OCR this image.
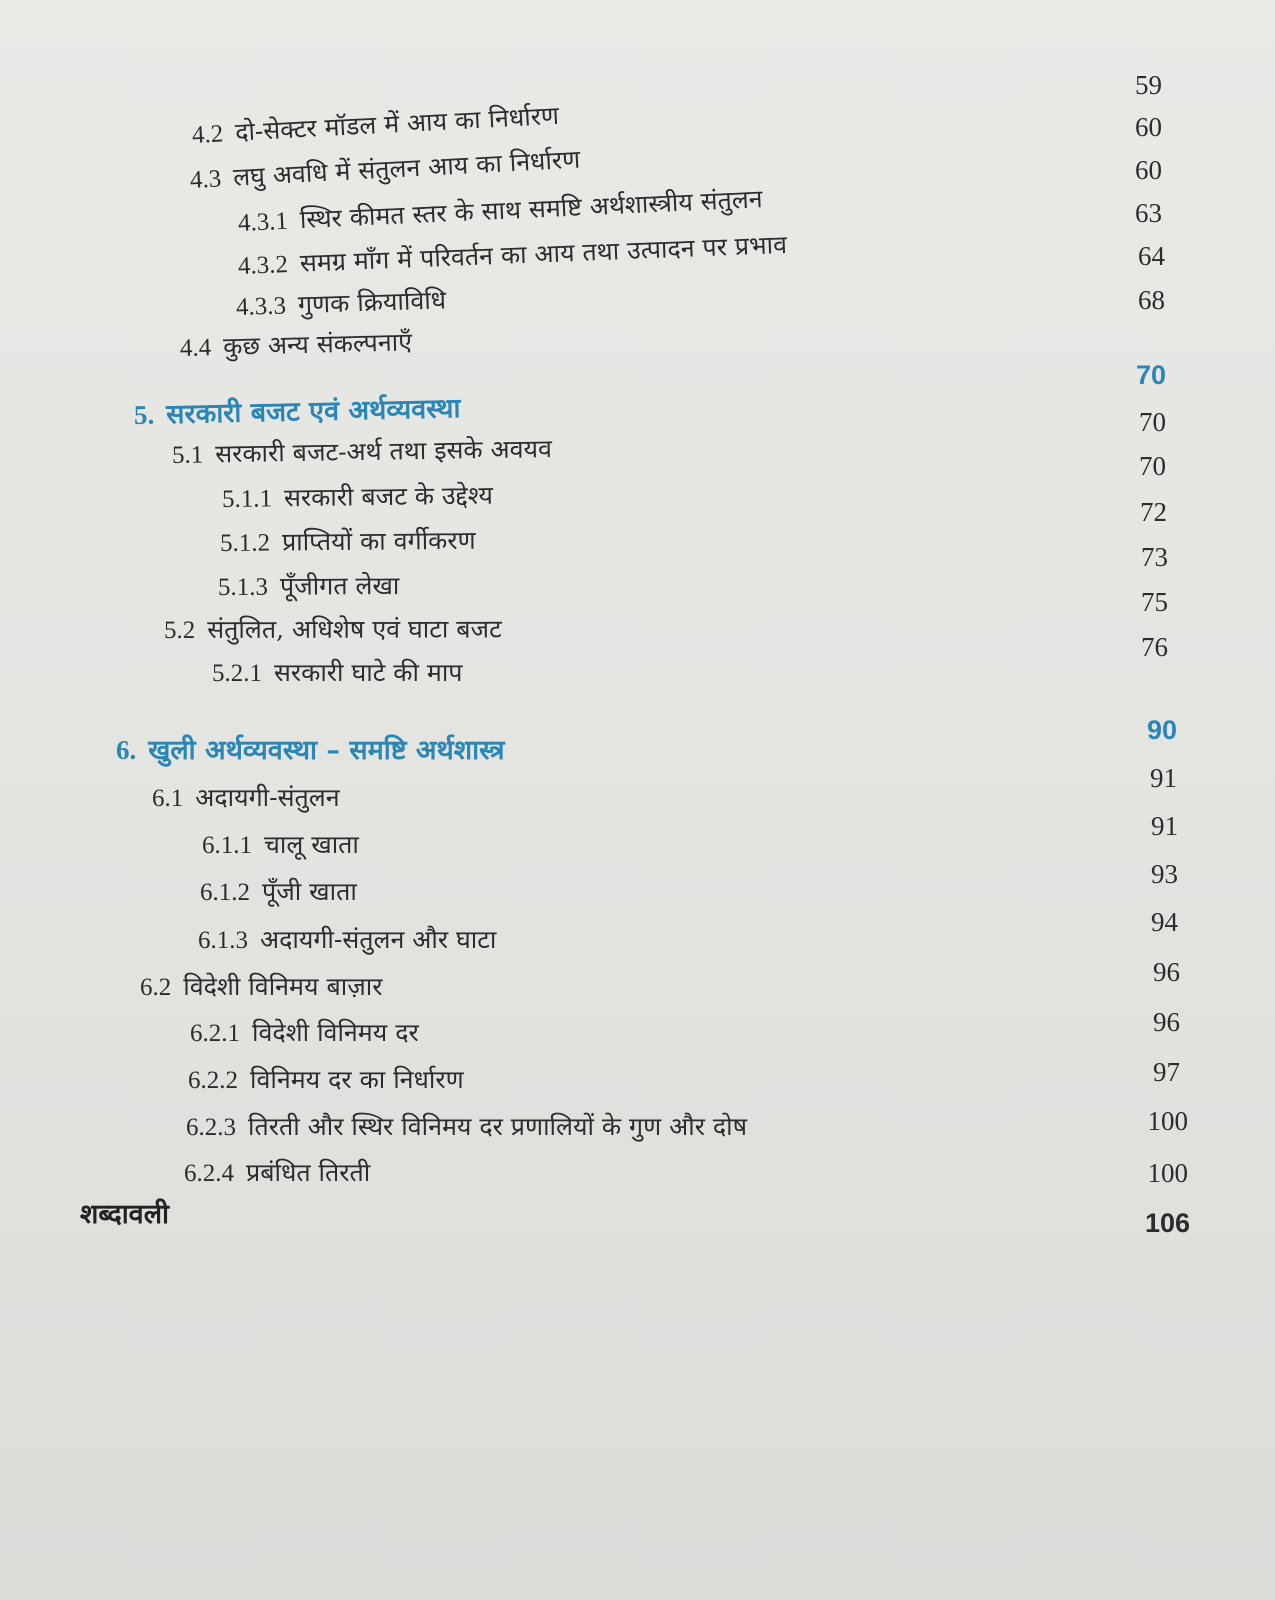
4.2 दो-सेक्टर मॉडल में आय का निर्धारण
4.3 लघु अवधि में संतुलन आय का निर्धारण
4.3.1 स्थिर कीमत स्तर के साथ समष्टि अर्थशास्त्रीय संतुलन
4.3.2 समग्र माँग में परिवर्तन का आय तथा उत्पादन पर प्रभाव
4.3.3 गुणक क्रियाविधि
4.4 कुछ अन्य संकल्पनाएँ
5. सरकारी बजट एवं अर्थव्यवस्था
5.1 सरकारी बजट-अर्थ तथा इसके अवयव
5.1.1 सरकारी बजट के उद्देश्य
5.1.2 प्राप्तियों का वर्गीकरण
5.1.3 पूँजीगत लेखा
5.2 संतुलित, अधिशेष एवं घाटा बजट
5.2.1 सरकारी घाटे की माप
6. खुली अर्थव्यवस्था – समष्टि अर्थशास्त्र
6.1 अदायगी-संतुलन
6.1.1 चालू खाता
6.1.2 पूँजी खाता
6.1.3 अदायगी-संतुलन और घाटा
6.2 विदेशी विनिमय बाज़ार
6.2.1 विदेशी विनिमय दर
6.2.2 विनिमय दर का निर्धारण
6.2.3 तिरती और स्थिर विनिमय दर प्रणालियों के गुण और दोष
6.2.4 प्रबंधित तिरती
शब्दावली
59
60
60
63
64
68
70
70
70
72
73
75
76
90
91
91
93
94
96
96
97
100
100
106
